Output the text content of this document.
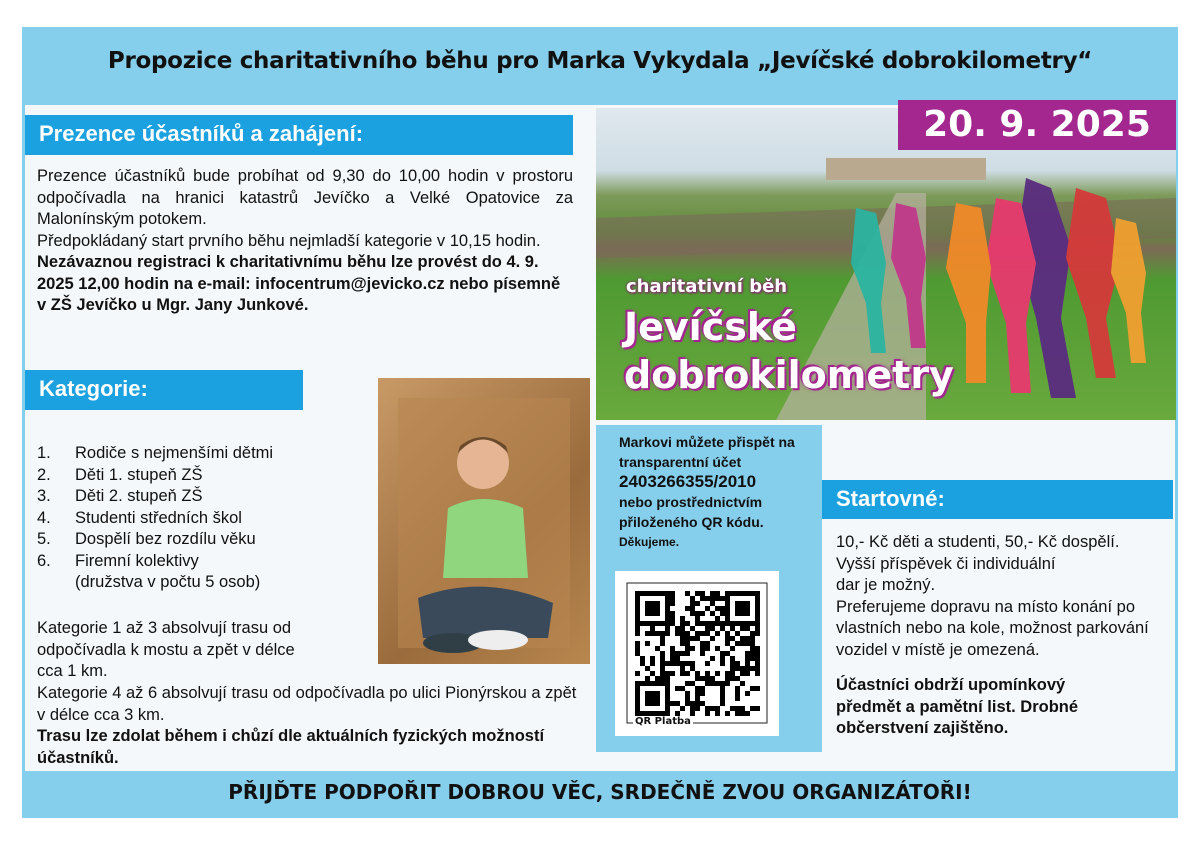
Propozice charitativního běhu pro Marka Vykydala „Jevíčské dobrokilometry“
Prezence účastníků a zahájení:
Prezence účastníků bude probíhat od 9,30 do 10,00 hodin v prostoru odpočívadla na hranici katastrů Jevíčko a Velké Opatovice za Malonínským potokem.
Předpokládaný start prvního běhu nejmladší kategorie v 10,15 hodin.
Nezávaznou registraci k charitativnímu běhu lze provést do 4. 9. 2025 12,00 hodin na e-mail: infocentrum@jevicko.cz nebo písemně v ZŠ Jevíčko u Mgr. Jany Junkové.
Kategorie:
1.	Rodiče s nejmenšími dětmi
2.	Děti 1. stupeň ZŠ
3.	Děti 2. stupeň ZŠ
4.	Studenti středních škol
5.	Dospělí bez rozdílu věku
6.	Firemní kolektivy
(družstva v počtu 5 osob)
Kategorie 1 až 3 absolvují trasu od odpočívadla k mostu a zpět v délce cca 1 km.
Kategorie 4 až 6 absolvují trasu od odpočívadla po ulici Pionýrskou a zpět v délce cca 3 km.
Trasu lze zdolat během i chůzí dle aktuálních fyzických možností účastníků.
charitativní běh
Jevíčské
dobrokilometry
20. 9. 2025
Markovi můžete přispět na transparentní účet
2403266355/2010
nebo prostřednictvím přiloženého QR kódu.
Děkujeme.
QR Platba
Startovné:
10,- Kč děti a studenti, 50,- Kč dospělí.
Vyšší příspěvek či individuální dar je možný.
Preferujeme dopravu na místo konání po vlastních nebo na kole, možnost parkování vozidel v místě je omezená.
Účastníci obdrží upomínkový předmět a pamětní list. Drobné občerstvení zajištěno.
PŘIJĎTE PODPOŘIT DOBROU VĚC, SRDEČNĚ ZVOU ORGANIZÁTOŘI!
